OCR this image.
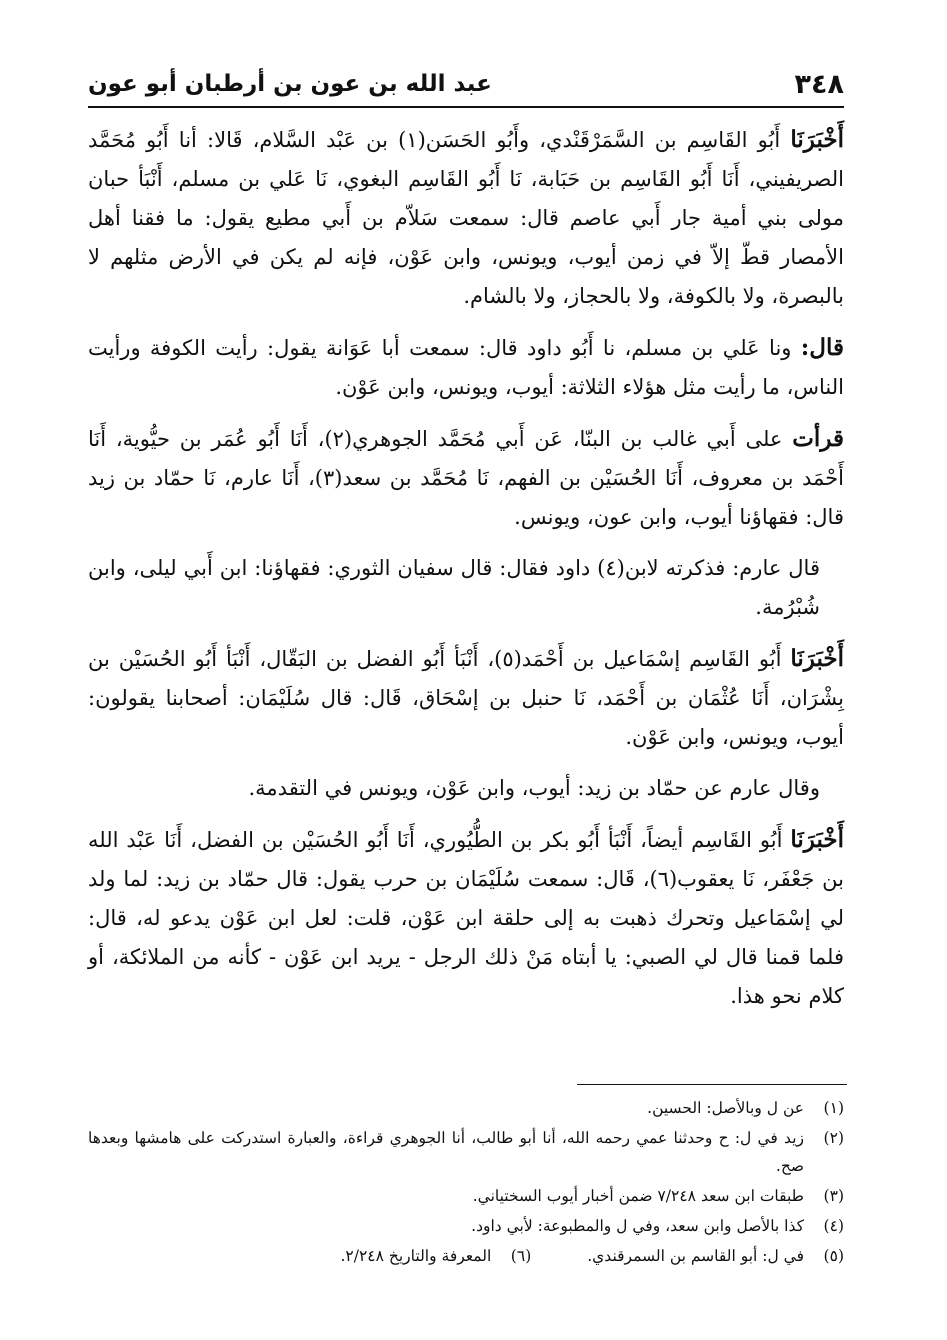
٣٤٨
عبد الله بن عون بن أرطبان أبو عون

أَخْبَرَنَا أَبُو القَاسِم بن السَّمَرْقَنْدي، وأَبُو الحَسَن(١) بن عَبْد السَّلام، قَالا: أنا أَبُو مُحَمَّد الصريفيني، أَنَا أَبُو القَاسِم بن حَبَابة، نَا أَبُو القَاسِم البغوي، نَا عَلي بن مسلم، أَنْبَأ حبان مولى بني أمية جار أَبي عاصم قال: سمعت سَلاّم بن أَبي مطيع يقول: ما فقنا أهل الأمصار قطّ إلاّ في زمن أيوب، ويونس، وابن عَوْن، فإنه لم يكن في الأرض مثلهم لا بالبصرة، ولا بالكوفة، ولا بالحجاز، ولا بالشام.

قال: ونا عَلي بن مسلم، نا أَبُو داود قال: سمعت أبا عَوَانة يقول: رأيت الكوفة ورأيت الناس، ما رأيت مثل هؤلاء الثلاثة: أيوب، ويونس، وابن عَوْن.

قرأت على أَبي غالب بن البنّا، عَن أَبي مُحَمَّد الجوهري(٢)، أَنَا أَبُو عُمَر بن حيُّوية، أَنَا أَحْمَد بن معروف، أَنَا الحُسَيْن بن الفهم، نَا مُحَمَّد بن سعد(٣)، أَنَا عارم، نَا حمّاد بن زيد قال: فقهاؤنا أيوب، وابن عون، ويونس.

قال عارم: فذكرته لابن(٤) داود فقال: قال سفيان الثوري: فقهاؤنا: ابن أَبي ليلى، وابن شُبْرُمة.

أَخْبَرَنَا أَبُو القَاسِم إسْمَاعيل بن أَحْمَد(٥)، أَنْبَأ أَبُو الفضل بن البَقّال، أَنْبَأ أَبُو الحُسَيْن بن بِشْرَان، أَنَا عُثْمَان بن أَحْمَد، نَا حنبل بن إسْحَاق، قَال: قال سُلَيْمَان: أصحابنا يقولون: أيوب، ويونس، وابن عَوْن.

وقال عارم عن حمّاد بن زيد: أيوب، وابن عَوْن، ويونس في التقدمة.

أَخْبَرَنَا أَبُو القَاسِم أيضاً، أَنْبَأ أَبُو بكر بن الطُّيُوري، أَنَا أَبُو الحُسَيْن بن الفضل، أَنَا عَبْد الله بن جَعْفَر، نَا يعقوب(٦)، قَال: سمعت سُلَيْمَان بن حرب يقول: قال حمّاد بن زيد: لما ولد لي إسْمَاعيل وتحرك ذهبت به إلى حلقة ابن عَوْن، قلت: لعل ابن عَوْن يدعو له، قال: فلما قمنا قال لي الصبي: يا أبتاه مَنْ ذلك الرجل - يريد ابن عَوْن - كأنه من الملائكة، أو كلام نحو هذا.

(١)
عن ل وبالأصل: الحسين.
(٢)
زيد في ل: ح وحدثنا عمي رحمه الله، أنا أبو طالب، أنا الجوهري قراءة، والعبارة استدركت على هامشها وبعدها صح.
(٣)
طبقات ابن سعد ٧/٢٤٨ ضمن أخبار أيوب السختياني.
(٤)
كذا بالأصل وابن سعد، وفي ل والمطبوعة: لأبي داود.
(٥)
في ل: أبو القاسم بن السمرقندي.
(٦)
المعرفة والتاريخ ٢/٢٤٨.
